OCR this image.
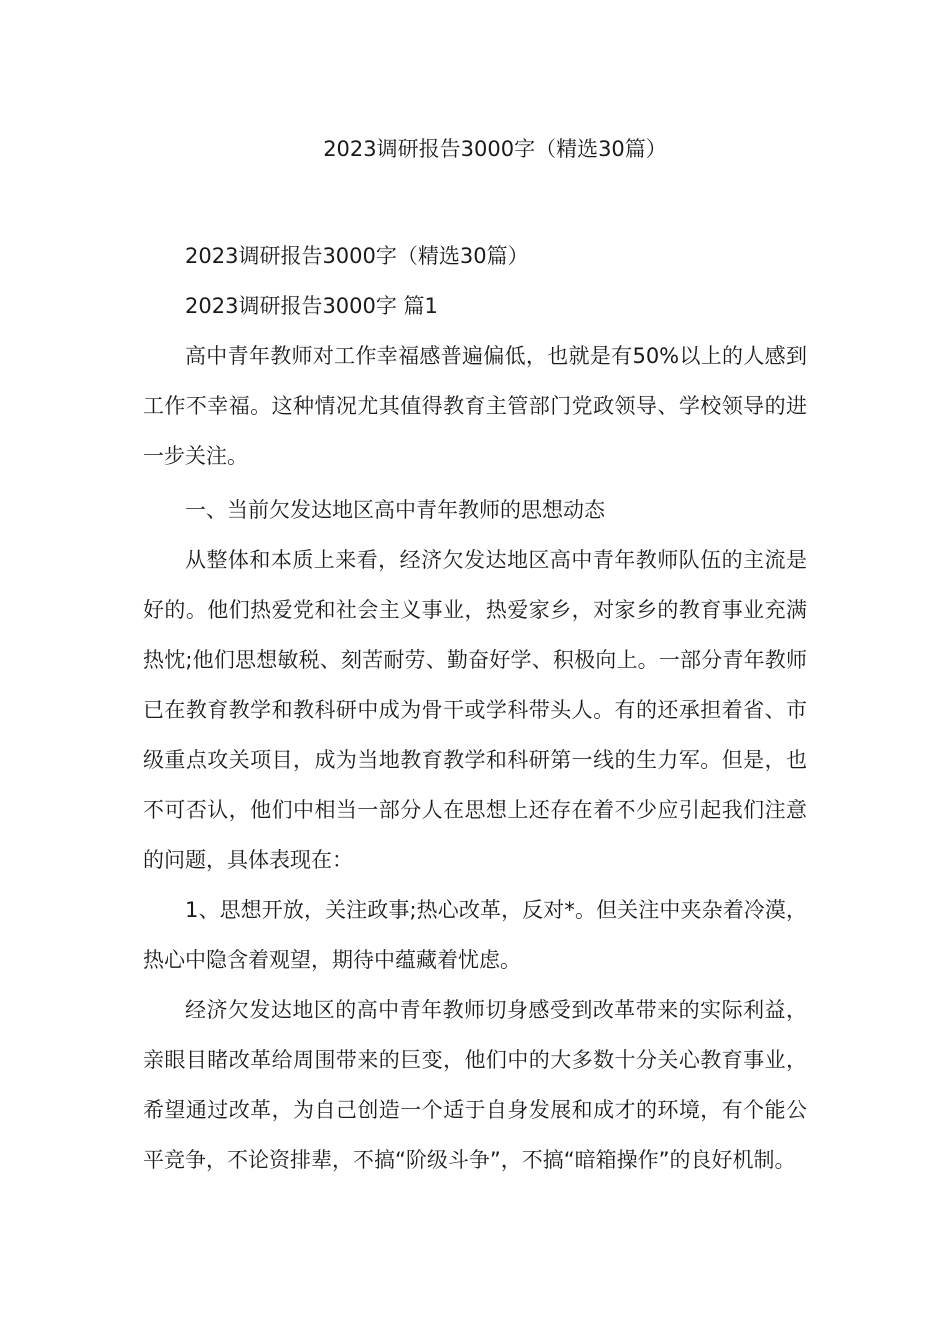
2023调研报告3000字（精选30篇）

2023调研报告3000字（精选30篇）

2023调研报告3000字 篇1

高中青年教师对工作幸福感普遍偏低，也就是有50%以上的人感到工作不幸福。这种情况尤其值得教育主管部门党政领导、学校领导的进一步关注。

一、当前欠发达地区高中青年教师的思想动态

从整体和本质上来看，经济欠发达地区高中青年教师队伍的主流是好的。他们热爱党和社会主义事业，热爱家乡，对家乡的教育事业充满热忱;他们思想敏税、刻苦耐劳、勤奋好学、积极向上。一部分青年教师已在教育教学和教科研中成为骨干或学科带头人。有的还承担着省、市级重点攻关项目，成为当地教育教学和科研第一线的生力军。但是，也不可否认，他们中相当一部分人在思想上还存在着不少应引起我们注意的问题，具体表现在：

1、思想开放，关注政事;热心改革，反对*。但关注中夹杂着冷漠，热心中隐含着观望，期待中蕴藏着忧虑。

经济欠发达地区的高中青年教师切身感受到改革带来的实际利益，亲眼目睹改革给周围带来的巨变，他们中的大多数十分关心教育事业，希望通过改革，为自己创造一个适于自身发展和成才的环境，有个能公平竞争，不论资排辈，不搞“阶级斗争”，不搞“暗箱操作”的良好机制。
